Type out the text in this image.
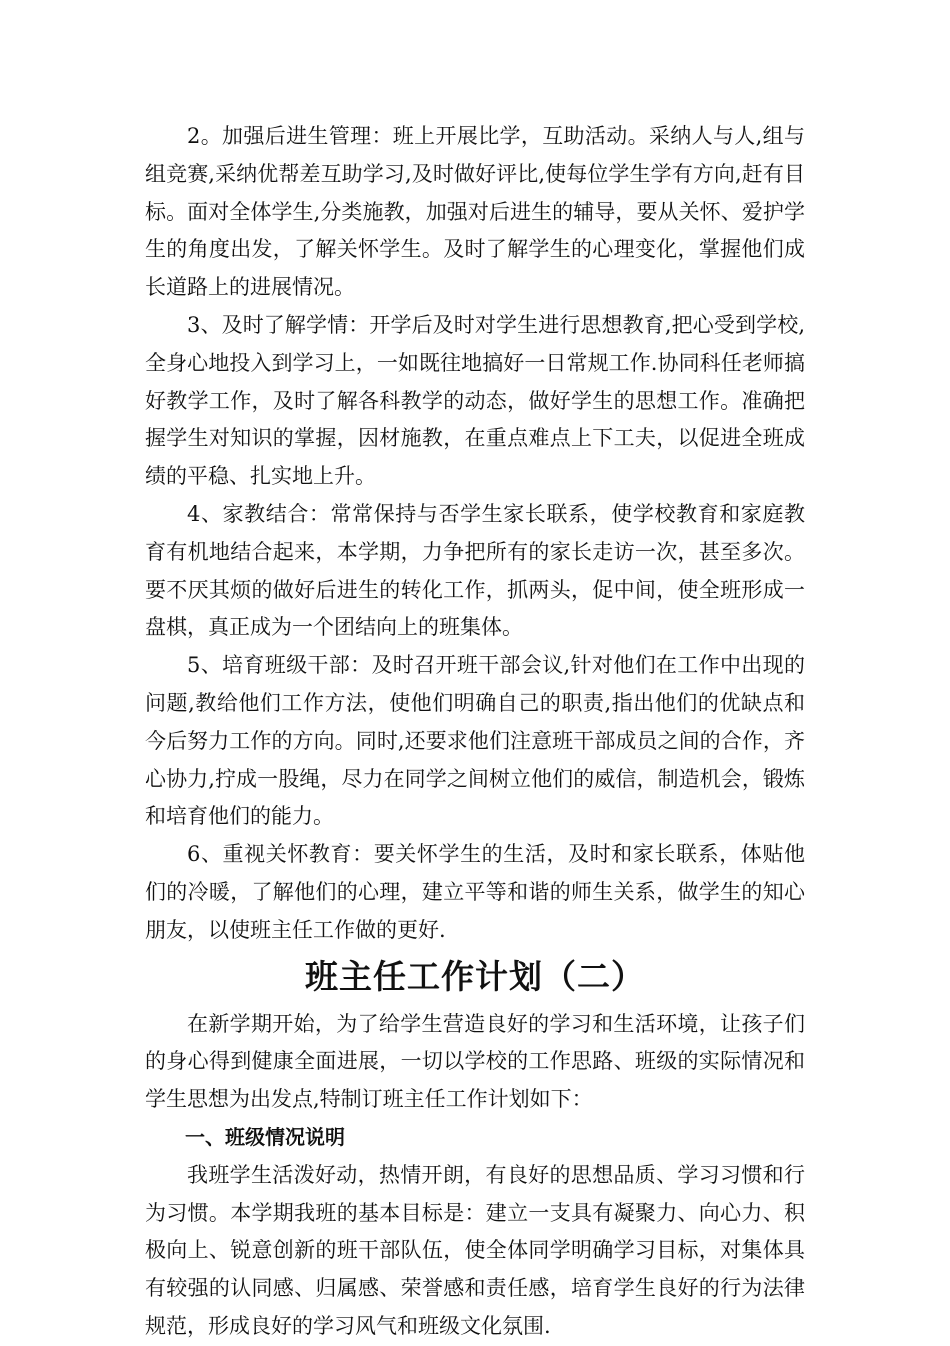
2。加强后进生管理：班上开展比学，互助活动。采纳人与人,组与组竞赛,采纳优帮差互助学习,及时做好评比,使每位学生学有方向,赶有目标。面对全体学生,分类施教，加强对后进生的辅导，要从关怀、爱护学生的角度出发，了解关怀学生。及时了解学生的心理变化，掌握他们成长道路上的进展情况。

3、及时了解学情：开学后及时对学生进行思想教育,把心受到学校,全身心地投入到学习上，一如既往地搞好一日常规工作.协同科任老师搞好教学工作，及时了解各科教学的动态，做好学生的思想工作。准确把握学生对知识的掌握，因材施教，在重点难点上下工夫，以促进全班成绩的平稳、扎实地上升。

4、家教结合：常常保持与否学生家长联系，使学校教育和家庭教育有机地结合起来，本学期，力争把所有的家长走访一次，甚至多次。要不厌其烦的做好后进生的转化工作，抓两头，促中间，使全班形成一盘棋，真正成为一个团结向上的班集体。

5、培育班级干部：及时召开班干部会议,针对他们在工作中出现的问题,教给他们工作方法，使他们明确自己的职责,指出他们的优缺点和今后努力工作的方向。同时,还要求他们注意班干部成员之间的合作，齐心协力,拧成一股绳，尽力在同学之间树立他们的威信，制造机会，锻炼和培育他们的能力。

6、重视关怀教育：要关怀学生的生活，及时和家长联系，体贴他们的冷暖，了解他们的心理，建立平等和谐的师生关系，做学生的知心朋友，以使班主任工作做的更好.

班主任工作计划（二）

在新学期开始，为了给学生营造良好的学习和生活环境，让孩子们的身心得到健康全面进展，一切以学校的工作思路、班级的实际情况和学生思想为出发点,特制订班主任工作计划如下：

一、班级情况说明

我班学生活泼好动，热情开朗，有良好的思想品质、学习习惯和行为习惯。本学期我班的基本目标是：建立一支具有凝聚力、向心力、积极向上、锐意创新的班干部队伍，使全体同学明确学习目标，对集体具有较强的认同感、归属感、荣誉感和责任感，培育学生良好的行为法律规范，形成良好的学习风气和班级文化氛围.
